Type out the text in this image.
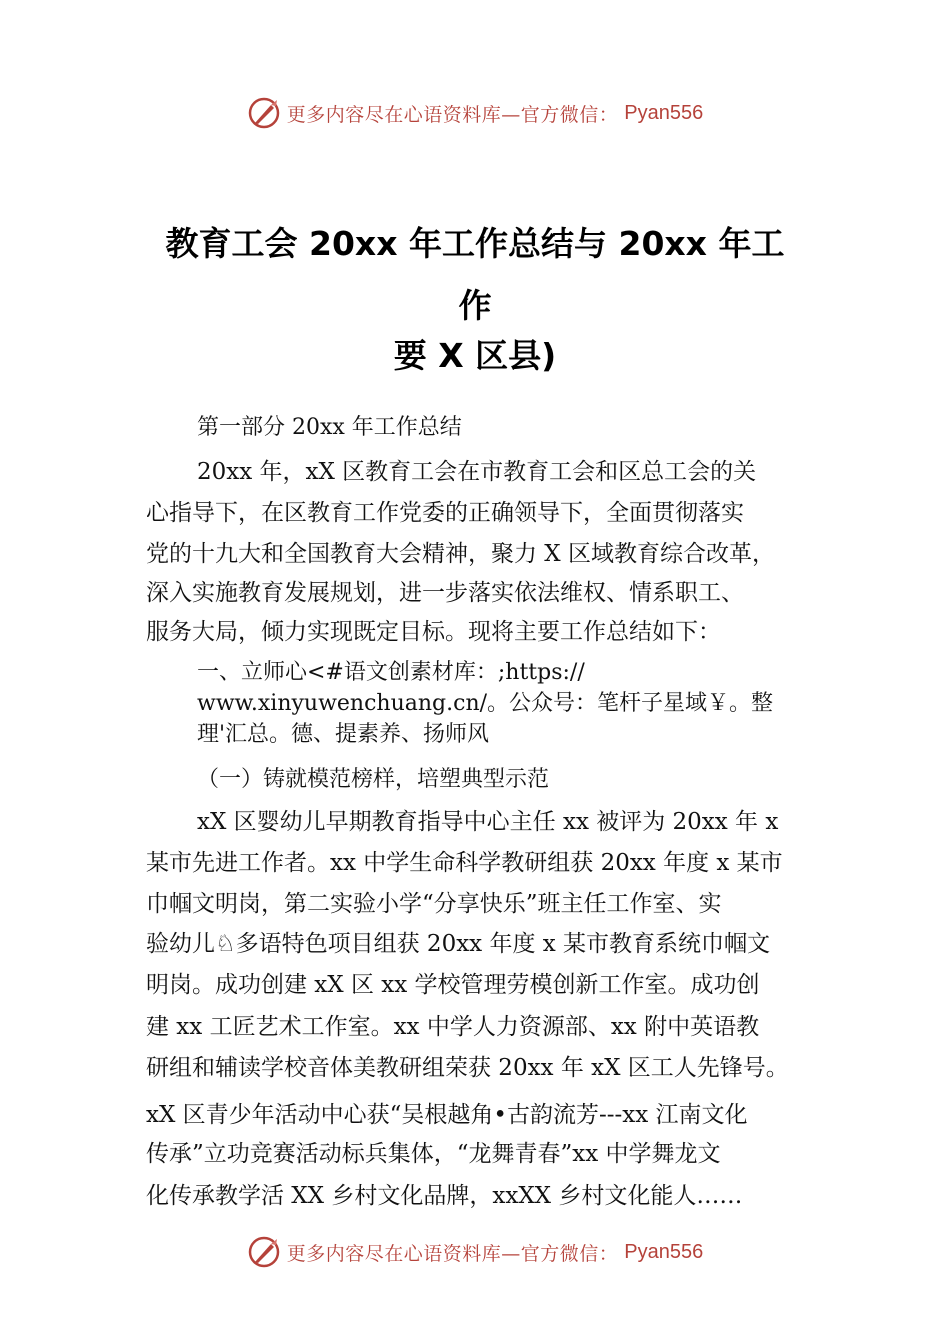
更多内容尽在心语资料库—官方微信： Pyan556
教育工会 20xx 年工作总结与 20xx 年工
作
要 X 区县)
第一部分 20xx 年工作总结
20xx 年，xX 区教育工会在市教育工会和区总工会的关
心指导下，在区教育工作党委的正确领导下，全面贯彻落实
党的十九大和全国教育大会精神，聚力 X 区域教育综合改革，
深入实施教育发展规划，进一步落实依法维权、情系职工、
服务大局，倾力实现既定目标。现将主要工作总结如下：
一、立师心<#语文创素材库：;https://
www.xinyuwenchuang.cn/。公众号：笔杆子星域￥。整
理'汇总。德、提素养、扬师风
（一）铸就模范榜样，培塑典型示范
xX 区婴幼儿早期教育指导中心主任 xx 被评为 20xx 年 x
某市先进工作者。xx 中学生命科学教研组获 20xx 年度 x 某市
巾帼文明岗，第二实验小学“分享快乐”班主任工作室、实
验幼儿♘多语特色项目组获 20xx 年度 x 某市教育系统巾帼文
明岗。成功创建 xX 区 xx 学校管理劳模创新工作室。成功创
建 xx 工匠艺术工作室。xx 中学人力资源部、xx 附中英语教
研组和辅读学校音体美教研组荣获 20xx 年 xX 区工人先锋号。
xX 区青少年活动中心获“吴根越角•古韵流芳---xx 江南文化
传承”立功竞赛活动标兵集体，“龙舞青春”xx 中学舞龙文
化传承教学活 XX 乡村文化品牌，xxXX 乡村文化能人……
更多内容尽在心语资料库—官方微信： Pyan556
